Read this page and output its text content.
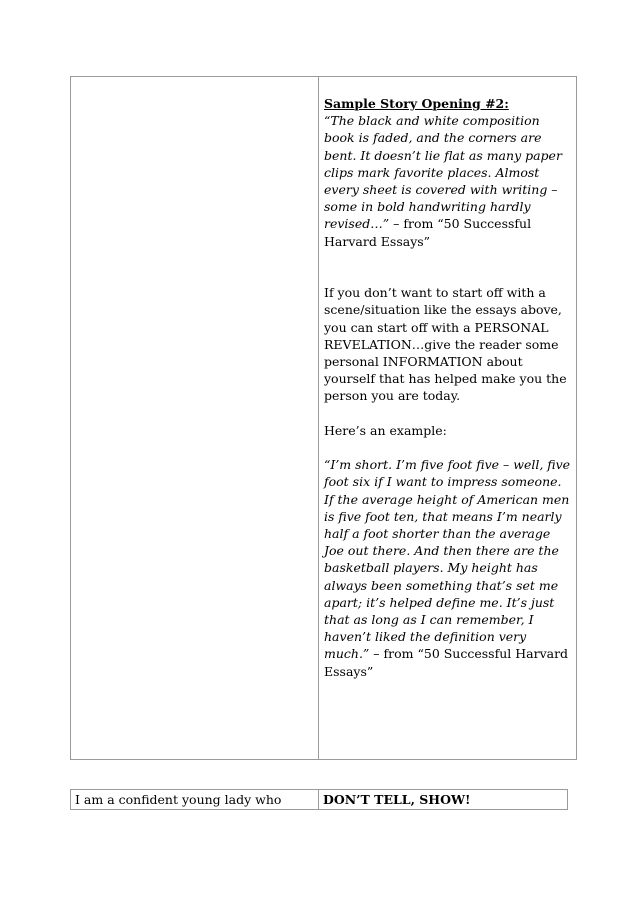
Sample Story Opening #2:

“The black and white composition book is faded, and the corners are bent. It doesn’t lie flat as many paper clips mark favorite places. Almost every sheet is covered with writing – some in bold handwriting hardly revised…” – from “50 Successful Harvard Essays”

If you don’t want to start off with a scene/situation like the essays above, you can start off with a PERSONAL REVELATION…give the reader some personal INFORMATION about yourself that has helped make you the person you are today.

Here’s an example:

“I’m short. I’m five foot five – well, five foot six if I want to impress someone. If the average height of American men is five foot ten, that means I’m nearly half a foot shorter than the average Joe out there. And then there are the basketball players. My height has always been something that’s set me apart; it’s helped define me. It’s just that as long as I can remember, I haven’t liked the definition very much.” – from “50 Successful Harvard Essays”

I am a confident young lady who	DON’T TELL, SHOW!
